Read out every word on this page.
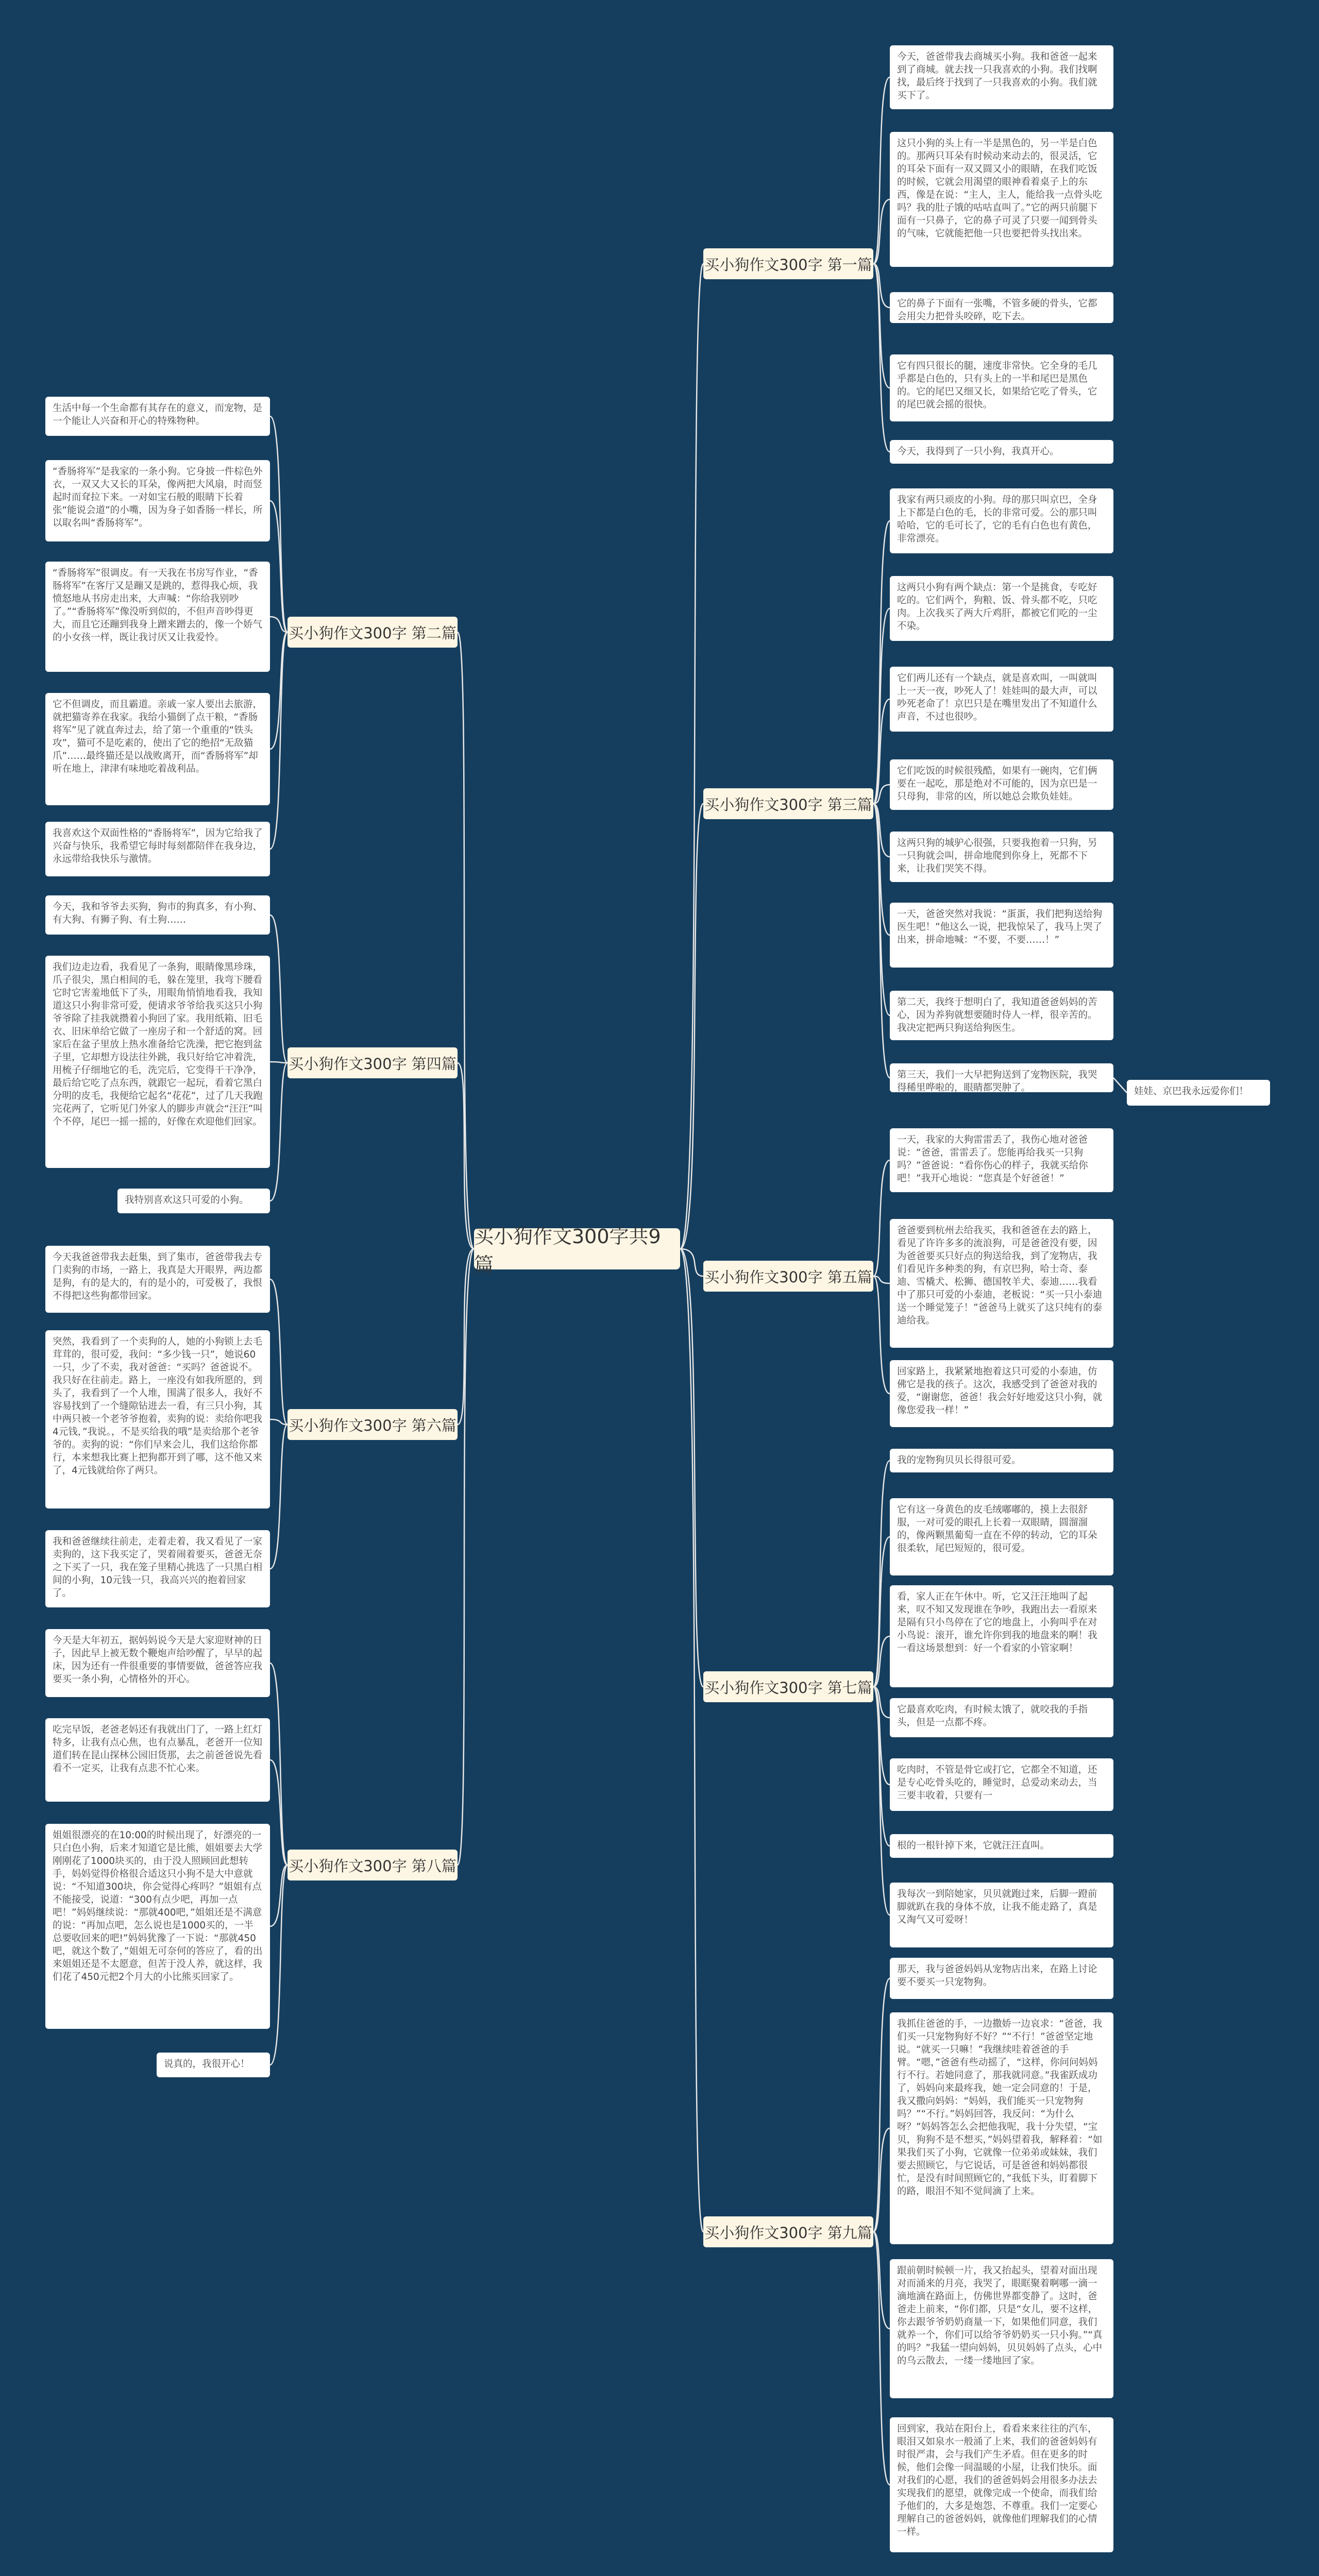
买小狗作文300字共9篇
买小狗作文300字 第一篇
今天，爸爸带我去商城买小狗。我和爸爸一起来到了商城。就去找一只我喜欢的小狗。我们找啊找，最后终于找到了一只我喜欢的小狗。我们就买下了。
这只小狗的头上有一半是黑色的，另一半是白色的。那两只耳朵有时候动来动去的，很灵活，它的耳朵下面有一双又圆又小的眼睛，在我们吃饭的时候，它就会用渴望的眼神看着桌子上的东西，像是在说：“主人，主人，能给我一点骨头吃吗？我的肚子饿的咕咕直叫了。”它的两只前腿下面有一只鼻子，它的鼻子可灵了只要一闻到骨头的气味，它就能把他一只也要把骨头找出来。
它的鼻子下面有一张嘴，不管多硬的骨头，它都会用尖力把骨头咬碎，吃下去。
它有四只很长的腿，速度非常快。它全身的毛几乎都是白色的，只有头上的一半和尾巴是黑色的。它的尾巴又细又长，如果给它吃了骨头，它的尾巴就会摇的很快。
今天，我得到了一只小狗，我真开心。
买小狗作文300字 第二篇
生活中每一个生命都有其存在的意义，而宠物，是一个能让人兴奋和开心的特殊物种。
“香肠将军”是我家的一条小狗。它身披一件棕色外衣，一双又大又长的耳朵，像两把大风扇，时而竖起时而耷拉下来。一对如宝石般的眼睛下长着张“能说会道”的小嘴，因为身子如香肠一样长，所以取名叫“香肠将军”。
“香肠将军”很调皮。有一天我在书房写作业，“香肠将军”在客厅又是蹦又是跳的，惹得我心烦，我愤怒地从书房走出来，大声喊：“你给我别吵了。”“香肠将军”像没听到似的，不但声音吵得更大，而且它还蹦到我身上蹭来蹭去的，像一个娇气的小女孩一样，既让我讨厌又让我爱怜。
它不但调皮，而且霸道。亲戚一家人要出去旅游，就把猫寄养在我家。我给小猫倒了点干粮，“香肠将军”见了就直奔过去，给了第一个重重的“铁头攻”，猫可不是吃素的，使出了它的绝招“无敌猫爪”……最终猫还是以战败离开，而“香肠将军”却听在地上，津津有味地吃着战利品。
我喜欢这个双面性格的“香肠将军”，因为它给我了兴奋与快乐，我希望它每时每刻都陪伴在我身边，永远带给我快乐与激情。
买小狗作文300字 第三篇
我家有两只顽皮的小狗。母的那只叫京巴，全身上下都是白色的毛，长的非常可爱。公的那只叫哈哈，它的毛可长了，它的毛有白色也有黄色，非常漂亮。
这两只小狗有两个缺点：第一个是挑食，专吃好吃的。它们两个，狗粮、饭、骨头都不吃，只吃肉。上次我买了两大斤鸡肝，都被它们吃的一尘不染。
它们两儿还有一个缺点，就是喜欢叫，一叫就叫上一天一夜，吵死人了！娃娃叫的最大声，可以吵死老命了！京巴只是在嘴里发出了不知道什么声音，不过也很吵。
它们吃饭的时候很残酷，如果有一碗肉，它们俩要在一起吃，那是绝对不可能的，因为京巴是一只母狗，非常的凶，所以她总会欺负娃娃。
这两只狗的城驴心很强，只要我抱着一只狗，另一只狗就会叫，拼命地爬到你身上，死都不下来，让我们哭笑不得。
一天，爸爸突然对我说：“蛋蛋，我们把狗送给狗医生吧！”他这么一说，把我惊呆了，我马上哭了出来，拼命地喊：“不要，不要……！”
第二天，我终于想明白了，我知道爸爸妈妈的苦心，因为养狗就想要随时侍人一样，很辛苦的。我决定把两只狗送给狗医生。
第三天，我们一大早把狗送到了宠物医院，我哭得稀里哗啦的，眼睛都哭肿了。	娃娃、京巴我永远爱你们！
买小狗作文300字 第四篇
今天，我和爷爷去买狗，狗市的狗真多，有小狗、有大狗、有狮子狗、有土狗……
我们边走边看，我看见了一条狗，眼睛像黑珍珠，爪子很尖，黑白相间的毛，躲在笼里，我弯下腰看它时它害羞地低下了头，用眼角悄悄地看我，我知道这只小狗非常可爱，便请求爷爷给我买这只小狗爷爷除了挂我就攒着小狗回了家。我用纸箱、旧毛衣、旧床单给它做了一座房子和一个舒适的窝。回家后在盆子里放上热水准备给它洗澡，把它抱到盆子里，它却想方设法往外跳，我只好给它冲着洗，用梳子仔细地它的毛，洗完后，它变得干干净净，最后给它吃了点东西，就跟它一起玩，看着它黑白分明的皮毛，我便给它起名“花花”，过了几天我跑完花两了，它听见门外家人的脚步声就会“汪汪”叫个不停，尾巴一摇一摇的，好像在欢迎他们回家。
我特别喜欢这只可爱的小狗。
买小狗作文300字 第五篇
一天，我家的大狗雷雷丢了，我伤心地对爸爸说：“爸爸，雷雷丢了。您能再给我买一只狗吗？”爸爸说：“看你伤心的样子，我就买给你吧！”我开心地说：“您真是个好爸爸！”
爸爸要到杭州去给我买，我和爸爸在去的路上，看见了许许多多的流浪狗，可是爸爸没有要，因为爸爸要买只好点的狗送给我，到了宠物店，我们看见许多种类的狗，有京巴狗，哈士奇、泰迪、雪橇犬、松狮、德国牧羊犬、泰迪……我看中了那只可爱的小泰迪，老板说：“买一只小泰迪送一个睡觉笼子！”爸爸马上就买了这只纯有的泰迪给我。
回家路上，我紧紧地抱着这只可爱的小泰迪，仿佛它是我的孩子。这次，我感受到了爸爸对我的爱，“谢谢您，爸爸！我会好好地爱这只小狗，就像您爱我一样！”
买小狗作文300字 第六篇
今天我爸爸带我去赶集，到了集市，爸爸带我去专门卖狗的市场，一路上，我真是大开眼界，两边都是狗，有的是大的，有的是小的，可爱极了，我恨不得把这些狗都带回家。
突然，我看到了一个卖狗的人，她的小狗锁上去毛茸茸的，很可爱，我问：“多少钱一只”，她说60一只，少了不卖，我对爸爸：“买吗？爸爸说不。我只好在往前走。路上，一座没有如我所愿的，到头了，我看到了一个人堆，围满了很多人，我好不容易找到了一个缝隙钻进去一看，有三只小狗，其中两只被一个老爷爷抱着，卖狗的说：卖给你吧我4元钱，”我说。，不是买给我的哦”是卖给那个老爷爷的。卖狗的说：“你们早来会儿，我们这给你都行，本来想我比赛上把狗都开到了哪，这不他又来了，4元钱就给你了两只。
我和爸爸继续往前走，走着走着，我又看见了一家卖狗的，这下我买定了，哭着闹着要买，爸爸无奈之下买了一只，我在笼子里精心挑选了一只黑白相间的小狗，10元钱一只，我高兴兴的抱着回家了。
买小狗作文300字 第七篇
我的宠物狗贝贝长得很可爱。
它有这一身黄色的皮毛绒嘟嘟的，摸上去很舒服，一对可爱的眼孔上长着一双眼睛，圆溜溜的，像两颗黑葡萄一直在不停的转动，它的耳朵很柔软，尾巴短短的，很可爱。
看，家人正在午休中。听，它又汪汪地叫了起来，叹不知又发现谁在争吵，我跑出去一看原来是隔有只小鸟停在了它的地盘上，小狗叫乎在对小鸟说：滚开，谁允许你到我的地盘来的啊！我一看这场景想到：好一个看家的小管家啊！
它最喜欢吃肉，有时候太饿了，就咬我的手指头，但是一点都不疼。
吃肉时，不管是骨它或打它，它都全不知道，还是专心吃骨头吃的，睡觉时，总爱动来动去，当三要丰收着，只要有一
根的一根针掉下来，它就汪汪直叫。
我每次一到陪她家，贝贝就跑过来，后脚一蹬前脚就趴在我的身体不放，让我不能走路了，真是又淘气又可爱呀！
买小狗作文300字 第八篇
今天是大年初五，据妈妈说今天是大家迎财神的日子，因此早上被无数个鞭炮声给吵醒了，早早的起床，因为还有一件很重要的事情要做，爸爸答应我要买一条小狗，心情格外的开心。
吃完早饭，老爸老妈还有我就出门了，一路上红灯特多，让我有点心焦，也有点暴乱，老爸开一位知道们转在昆山探林公园旧货那，去之前爸爸说先看看不一定买，让我有点悲不忙心来。
姐姐很漂亮的在10:00的时候出现了，好漂亮的一只白色小狗，后来才知道它是比熊，姐姐要去大学刚刚花了1000块买的，由于没人照顾回此想转手，妈妈觉得价格很合适这只小狗不是大中意就说：“不知道300块，你会觉得心疼吗？”姐姐有点不能接受，说道：“300有点少吧，再加一点吧！”妈妈继续说：“那就400吧，”姐姐还是不满意的说：“再加点吧，怎么说也是1000买的，一半总要收回来的吧!”妈妈犹豫了一下说：“那就450吧，就这个数了，”姐姐无可奈何的答应了，看的出来姐姐还是不太愿意，但苦于没人养，就这样，我们花了450元把2个月大的小比熊买回家了。
说真的，我很开心！
买小狗作文300字 第九篇
那天，我与爸爸妈妈从宠物店出来，在路上讨论要不要买一只宠物狗。
我抓住爸爸的手，一边撒娇一边哀求：“爸爸，我们买一只宠物狗好不好？”“不行！”爸爸坚定地说。“就买一只嘛！”我继续哇着爸爸的手臂。“嗯，”爸爸有些动摇了，“这样，你问问妈妈行不行。若她同意了，那我就同意。”我雀跃成功了，妈妈向来最疼我，她一定会同意的！于是，我又撒向妈妈：“妈妈，我们能买一只宠物狗吗？”“不行。”妈妈回答，我反问：“为什么呀？”妈妈答怎么会把他我呢，我十分失望，“宝贝，狗狗不是不想买，”妈妈望着我，解释着：“如果我们买了小狗，它就像一位弟弟或妹妹，我们要去照顾它，与它说话，可是爸爸和妈妈都很忙，是没有时间照顾它的，”我低下头，盯着脚下的路，眼泪不知不觉间滴了上来。
跟前朝时候顿一片，我又抬起头，望着对面出现对而涌来的月亮，我哭了，眼眶聚着啊哪一滴一滴地滴在路面上，仿佛世界都变静了。这时，爸爸走上前来，“你们都，只是“女儿，要不这样，你去跟爷爷奶奶商量一下，如果他们同意，我们就养一个，你们可以给爷爷奶奶买一只小狗。”“真的吗？”我猛一望向妈妈，贝贝妈妈了点头，心中的乌云散去，一缕一缕地回了家。
回到家，我站在阳台上，看看来来往往的汽车，眼泪又如泉水一般涌了上来，我们的爸爸妈妈有时很严肃，会与我们产生矛盾。但在更多的时候，他们会像一间温暖的小屋，让我们快乐。面对我们的心愿，我们的爸爸妈妈会用很多办法去实现我们的愿望，就像完成一个使命，而我们给予他们的，大多是炮怨、不尊重。我们一定要心理解自己的爸爸妈妈，就像他们理解我们的心情一样。
